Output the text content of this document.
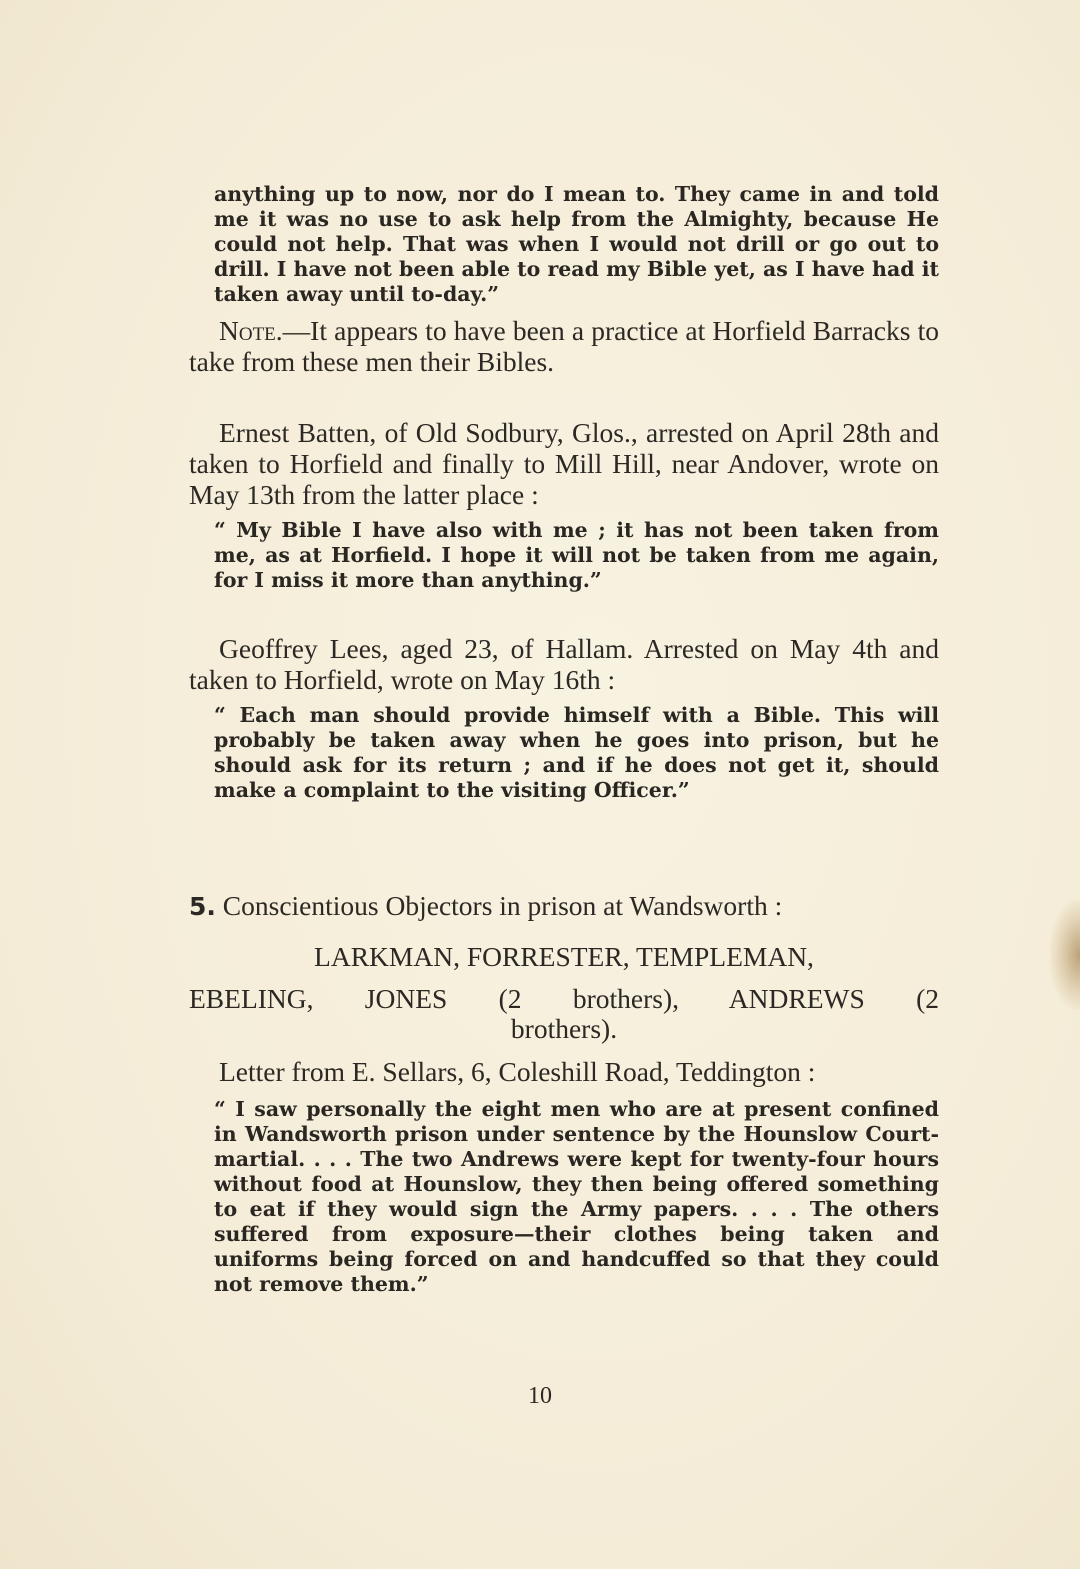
anything up to now, nor do I mean to. They came in and told me it was no use to ask help from the Almighty, because He could not help. That was when I would not drill or go out to drill. I have not been able to read my Bible yet, as I have had it taken away until to-day.”

Note.—It appears to have been a practice at Horfield Barracks to take from these men their Bibles.

Ernest Batten, of Old Sodbury, Glos., arrested on April 28th and taken to Horfield and finally to Mill Hill, near Andover, wrote on May 13th from the latter place :

“ My Bible I have also with me ; it has not been taken from me, as at Horfield. I hope it will not be taken from me again, for I miss it more than anything.”

Geoffrey Lees, aged 23, of Hallam. Arrested on May 4th and taken to Horfield, wrote on May 16th :

“ Each man should provide himself with a Bible. This will probably be taken away when he goes into prison, but he should ask for its return ; and if he does not get it, should make a complaint to the visiting Officer.”

5. Conscientious Objectors in prison at Wandsworth :

LARKMAN, FORRESTER, TEMPLEMAN,

EBELING, JONES (2 brothers), ANDREWS (2

brothers).

Letter from E. Sellars, 6, Coleshill Road, Teddington :

“ I saw personally the eight men who are at present confined in Wandsworth prison under sentence by the Hounslow Court-martial. . . . The two Andrews were kept for twenty-four hours without food at Hounslow, they then being offered something to eat if they would sign the Army papers. . . . The others suffered from exposure—their clothes being taken and uniforms being forced on and handcuffed so that they could not remove them.”

10
